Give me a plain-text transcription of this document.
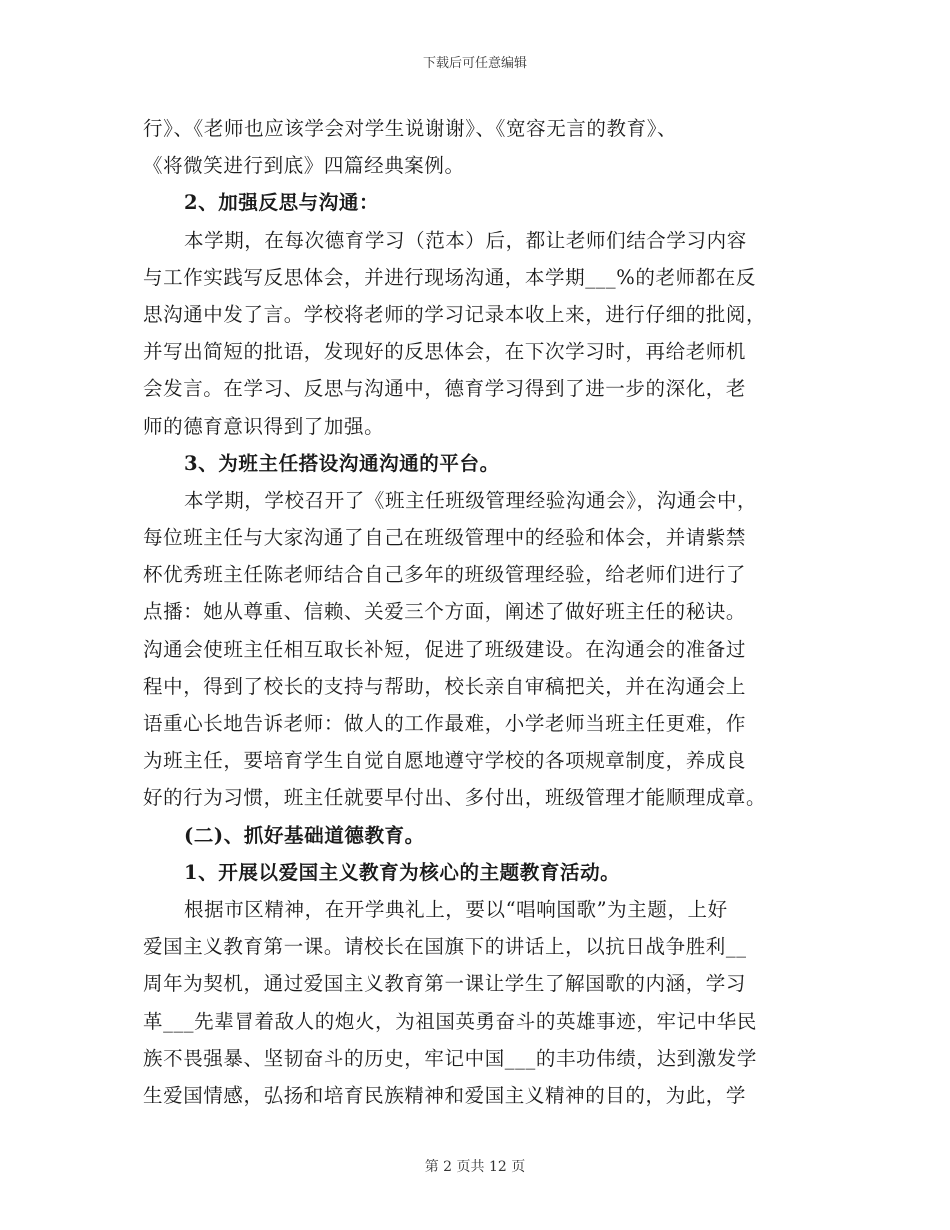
下载后可任意编辑
行》、《老师也应该学会对学生说谢谢》、《宽容无言的教育》、
《将微笑进行到底》四篇经典案例。
2、加强反思与沟通：
本学期，在每次德育学习（范本）后，都让老师们结合学习内容
与工作实践写反思体会，并进行现场沟通，本学期___%的老师都在反
思沟通中发了言。学校将老师的学习记录本收上来，进行仔细的批阅，
并写出简短的批语，发现好的反思体会，在下次学习时，再给老师机
会发言。在学习、反思与沟通中，德育学习得到了进一步的深化，老
师的德育意识得到了加强。
3、为班主任搭设沟通沟通的平台。
本学期，学校召开了《班主任班级管理经验沟通会》，沟通会中，
每位班主任与大家沟通了自己在班级管理中的经验和体会，并请紫禁
杯优秀班主任陈老师结合自己多年的班级管理经验，给老师们进行了
点播：她从尊重、信赖、关爱三个方面，阐述了做好班主任的秘诀。
沟通会使班主任相互取长补短，促进了班级建设。在沟通会的准备过
程中，得到了校长的支持与帮助，校长亲自审稿把关，并在沟通会上
语重心长地告诉老师：做人的工作最难，小学老师当班主任更难，作
为班主任，要培育学生自觉自愿地遵守学校的各项规章制度，养成良
好的行为习惯，班主任就要早付出、多付出，班级管理才能顺理成章。
(二)、抓好基础道德教育。
1、开展以爱国主义教育为核心的主题教育活动。
根据市区精神，在开学典礼上，要以“唱响国歌”为主题，上好
爱国主义教育第一课。请校长在国旗下的讲话上，以抗日战争胜利__
周年为契机，通过爱国主义教育第一课让学生了解国歌的内涵，学习
革___先辈冒着敌人的炮火，为祖国英勇奋斗的英雄事迹，牢记中华民
族不畏强暴、坚韧奋斗的历史，牢记中国___的丰功伟绩，达到激发学
生爱国情感，弘扬和培育民族精神和爱国主义精神的目的，为此，学
第 2 页共 12 页
